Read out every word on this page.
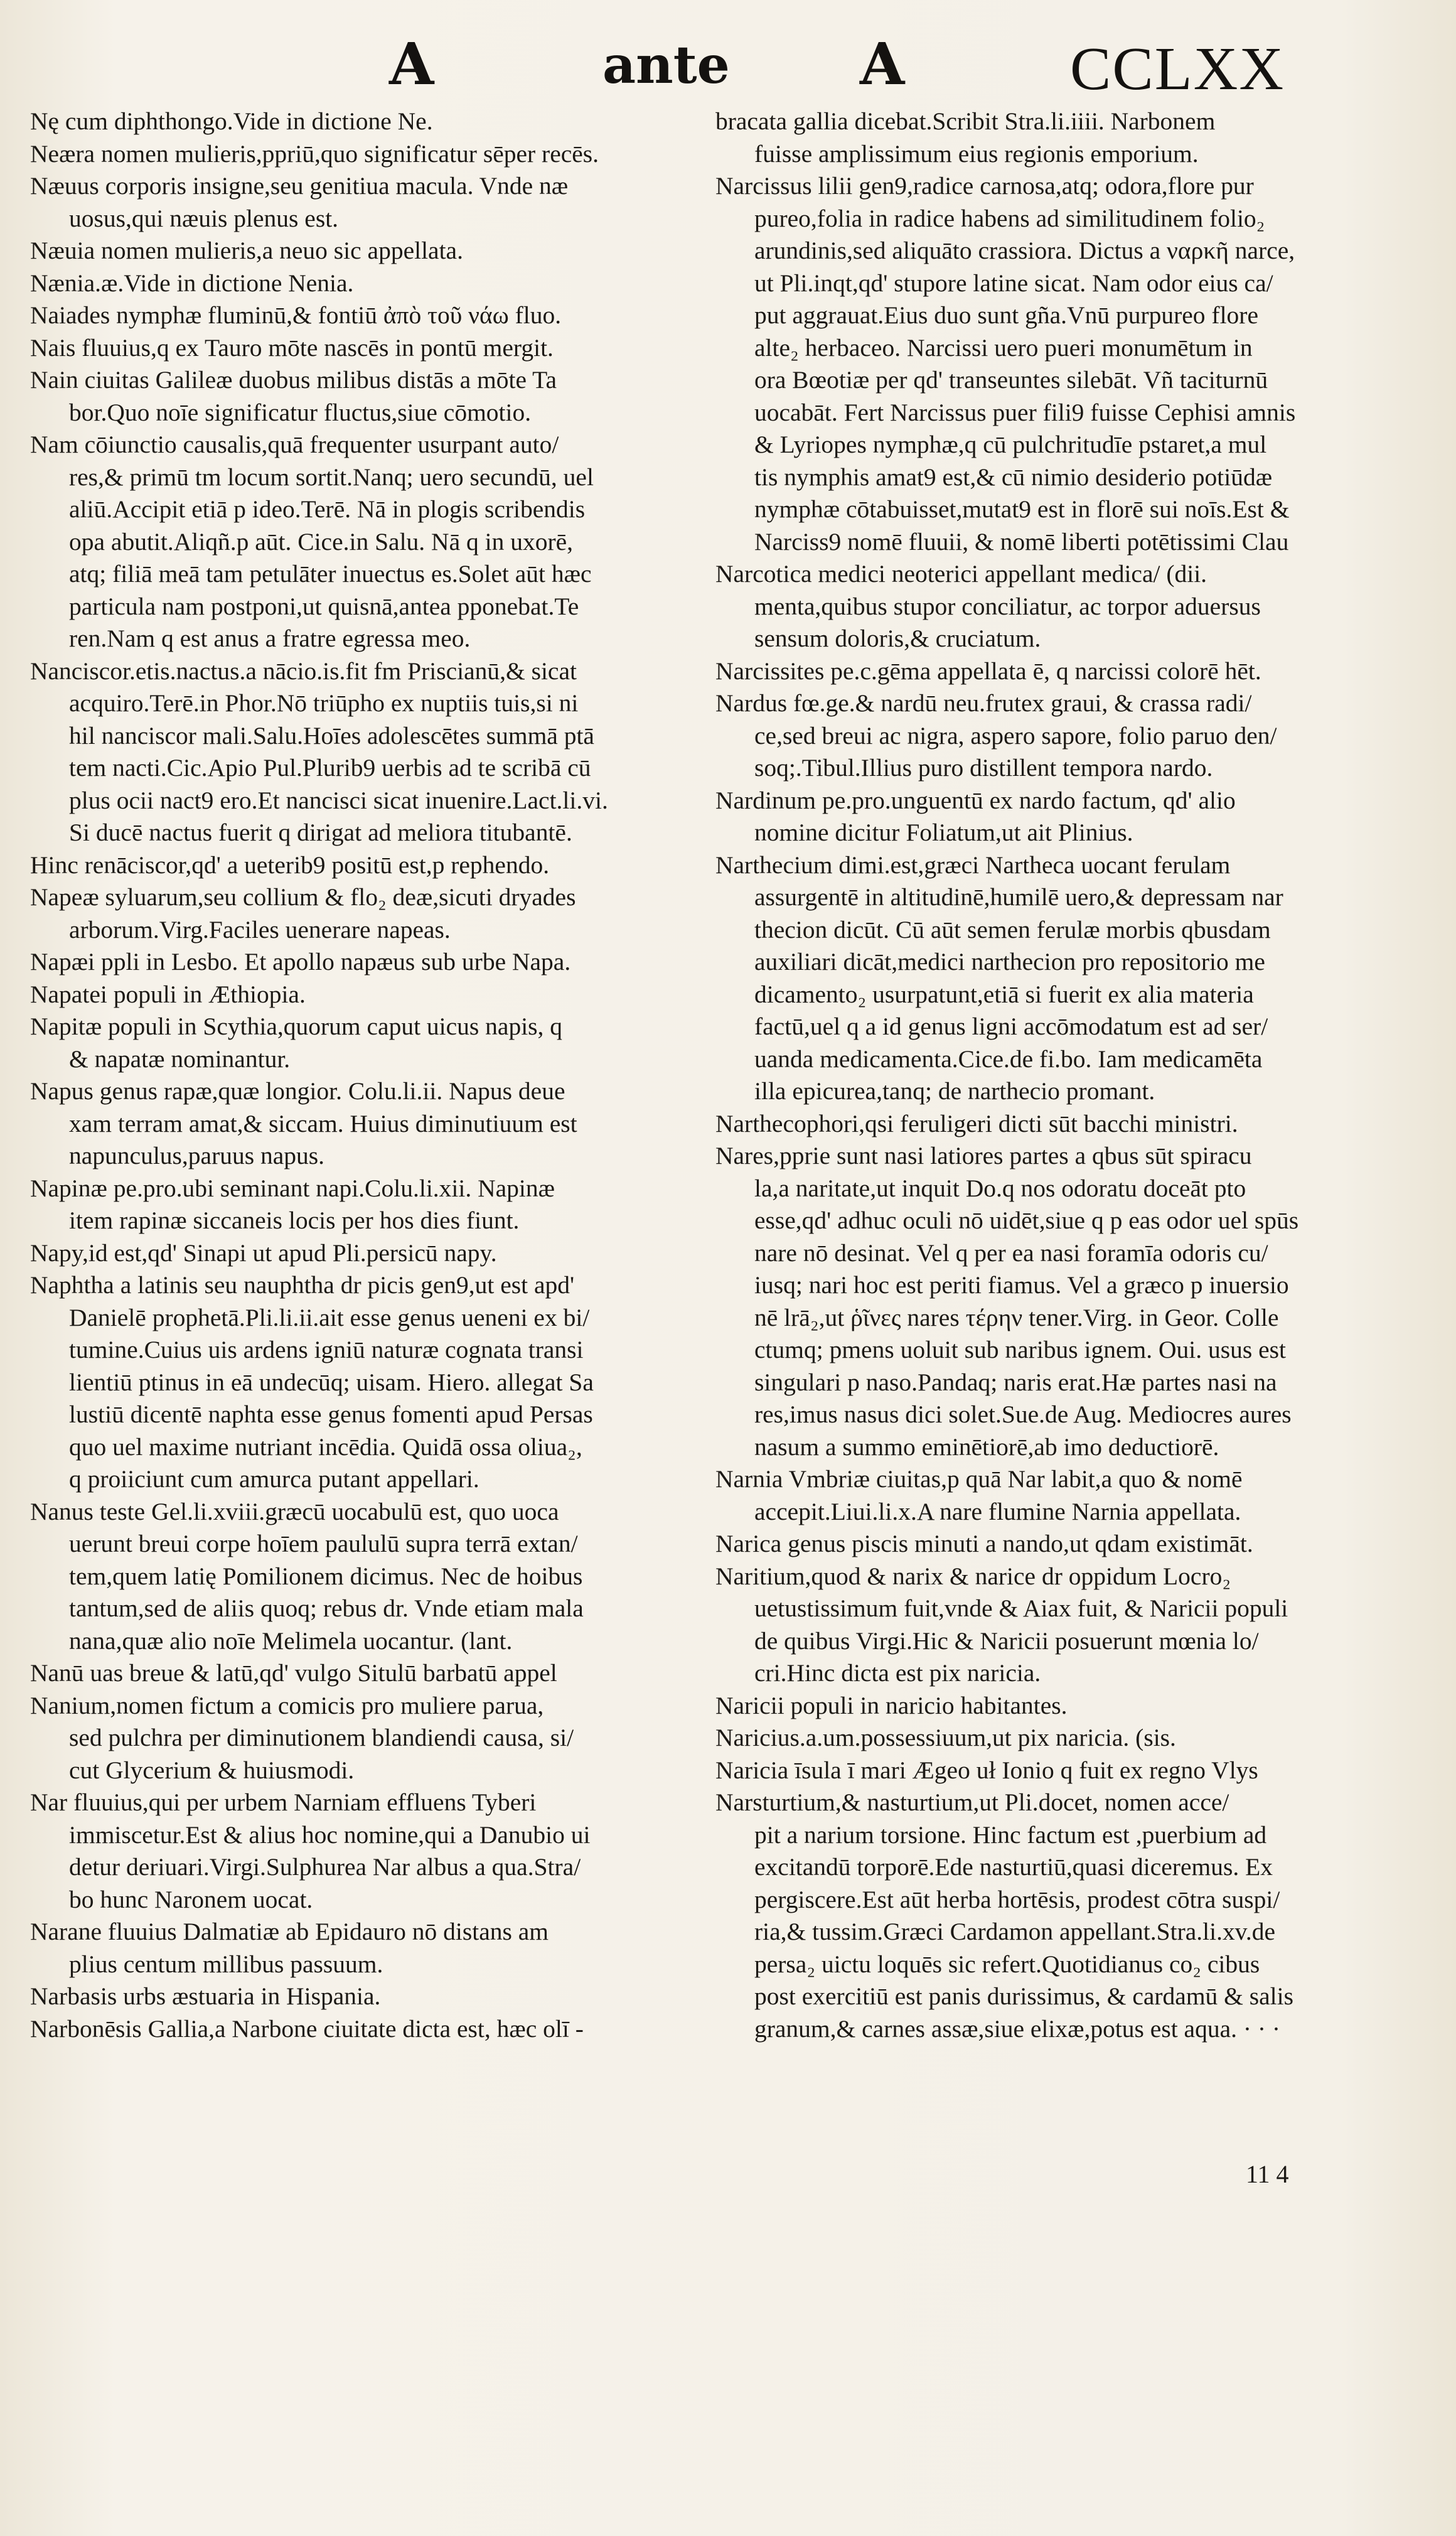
A	ante A	CCLXX

Nę cum diphthongo.Vide in dictione Ne.

Neæra nomen mulieris,ppriū,quo significatur sēper recēs.

Næuus corporis insigne,seu genitiua macula. Vnde næ
uosus,qui næuis plenus est.

Næuia nomen mulieris,a neuo sic appellata.

Nænia.æ.Vide in dictione Nenia.

Naiades nymphæ fluminū,& fontiū ἀπὸ τοῦ νάω fluo.

Nais fluuius,q ex Tauro mōte nascēs in pontū mergit.

Nain ciuitas Galileæ duobus milibus distās a mōte Ta
bor.Quo noīe significatur fluctus,siue cōmotio.

Nam cōiunctio causalis,quā frequenter usurpant auto/
res,& primū tm locum sortit.Nanq; uero secundū, uel
aliū.Accipit etiā p ideo.Terē. Nā in plogis scribendis
opa abutit.Aliqñ.p aūt. Cice.in Salu. Nā q in uxorē,
atq; filiā meā tam petulāter inuectus es.Solet aūt hæc
particula nam postponi,ut quisnā,antea pponebat.Te
ren.Nam q est anus a fratre egressa meo.

Nanciscor.etis.nactus.a nācio.is.fit fm Priscianū,& sicat
acquiro.Terē.in Phor.Nō triūpho ex nuptiis tuis,si ni
hil nanciscor mali.Salu.Hoīes adolescētes summā ptā
tem nacti.Cic.Apio Pul.Plurib9 uerbis ad te scribā cū
plus ocii nact9 ero.Et nancisci sicat inuenire.Lact.li.vi.
Si ducē nactus fuerit q dirigat ad meliora titubantē.

Hinc renāciscor,qd' a ueterib9 positū est,p rephendo.

Napeæ syluarum,seu collium & flo₂ deæ,sicuti dryades
arborum.Virg.Faciles uenerare napeas.

Napæi ppli in Lesbo. Et apollo napæus sub urbe Napa.

Napatei populi in Æthiopia.

Napitæ populi in Scythia,quorum caput uicus napis, q
& napatæ nominantur.

Napus genus rapæ,quæ longior. Colu.li.ii. Napus deue
xam terram amat,& siccam. Huius diminutiuum est
napunculus,paruus napus.

Napinæ pe.pro.ubi seminant napi.Colu.li.xii. Napinæ
item rapinæ siccaneis locis per hos dies fiunt.

Napy,id est,qd' Sinapi ut apud Pli.persicū napy.

Naphtha a latinis seu nauphtha dr picis gen9,ut est apd'
Danielē prophetā.Pli.li.ii.ait esse genus ueneni ex bi/
tumine.Cuius uis ardens igniū naturæ cognata transi
lientiū ptinus in eā undecūq; uisam. Hiero. allegat Sa
lustiū dicentē naphta esse genus fomenti apud Persas
quo uel maxime nutriant incēdia. Quidā ossa oliua₂,
q proiiciunt cum amurca putant appellari.

Nanus teste Gel.li.xviii.græcū uocabulū est, quo uoca
uerunt breui corpe hoīem paululū supra terrā extan/
tem,quem latię Pomilionem dicimus. Nec de hoibus
tantum,sed de aliis quoq; rebus dr. Vnde etiam mala
nana,quæ alio noīe Melimela uocantur. (lant.

Nanū uas breue & latū,qd' vulgo Situlū barbatū appel

Nanium,nomen fictum a comicis pro muliere parua,
sed pulchra per diminutionem blandiendi causa, si/
cut Glycerium & huiusmodi.

Nar fluuius,qui per urbem Narniam effluens Tyberi
immiscetur.Est & alius hoc nomine,qui a Danubio ui
detur deriuari.Virgi.Sulphurea Nar albus a qua.Stra/
bo hunc Naronem uocat.

Narane fluuius Dalmatiæ ab Epidauro nō distans am
plius centum millibus passuum.

Narbasis urbs æstuaria in Hispania.

Narbonēsis Gallia,a Narbone ciuitate dicta est, hæc olī -

bracata gallia dicebat.Scribit Stra.li.iiii. Narbonem
fuisse amplissimum eius regionis emporium.

Narcissus lilii gen9,radice carnosa,atq; odora,flore pur
pureo,folia in radice habens ad similitudinem folio₂
arundinis,sed aliquāto crassiora. Dictus a ναρκῆ narce,
ut Pli.inqt,qd' stupore latine sicat. Nam odor eius ca/
put aggrauat.Eius duo sunt gña.Vnū purpureo flore
alte₂ herbaceo. Narcissi uero pueri monumētum in
ora Bœotiæ per qd' transeuntes silebāt. Vñ taciturnū
uocabāt. Fert Narcissus puer fili9 fuisse Cephisi amnis
& Lyriopes nymphæ,q cū pulchritudīe pstaret,a mul
tis nymphis amat9 est,& cū nimio desiderio potiūdæ
nymphæ cōtabuisset,mutat9 est in florē sui noīs.Est &
Narciss9 nomē fluuii, & nomē liberti potētissimi Clau

Narcotica medici neoterici appellant medica/ (dii.
menta,quibus stupor conciliatur, ac torpor aduersus
sensum doloris,& cruciatum.

Narcissites pe.c.gēma appellata ē, q narcissi colorē hēt.

Nardus fœ.ge.& nardū neu.frutex graui, & crassa radi/
ce,sed breui ac nigra, aspero sapore, folio paruo den/
soq;.Tibul.Illius puro distillent tempora nardo.

Nardinum pe.pro.unguentū ex nardo factum, qd' alio
nomine dicitur Foliatum,ut ait Plinius.

Narthecium dimi.est,græci Nartheca uocant ferulam
assurgentē in altitudinē,humilē uero,& depressam nar
thecion dicūt. Cū aūt semen ferulæ morbis qbusdam
auxiliari dicāt,medici narthecion pro repositorio me
dicamento₂ usurpatunt,etiā si fuerit ex alia materia
factū,uel q a id genus ligni accōmodatum est ad ser/
uanda medicamenta.Cice.de fi.bo. Iam medicamēta
illa epicurea,tanq; de narthecio promant.

Narthecophori,qsi feruligeri dicti sūt bacchi ministri.

Nares,pprie sunt nasi latiores partes a qbus sūt spiracu
la,a naritate,ut inquit Do.q nos odoratu doceāt pto
esse,qd' adhuc oculi nō uidēt,siue q p eas odor uel spūs
nare nō desinat. Vel q per ea nasi foramīa odoris cu/
iusq; nari hoc est periti fiamus. Vel a græco p inuersio
nē lrā₂,ut ῥῖνες nares τέρην tener.Virg. in Geor. Colle
ctumq; pmens uoluit sub naribus ignem. Oui. usus est
singulari p naso.Pandaq; naris erat.Hæ partes nasi na
res,imus nasus dici solet.Sue.de Aug. Mediocres aures
nasum a summo eminētiorē,ab imo deductiorē.

Narnia Vmbriæ ciuitas,p quā Nar labit,a quo & nomē
accepit.Liui.li.x.A nare flumine Narnia appellata.

Narica genus piscis minuti a nando,ut qdam existimāt.

Naritium,quod & narix & narice dr oppidum Locro₂
uetustissimum fuit,vnde & Aiax fuit, & Naricii populi
de quibus Virgi.Hic & Naricii posuerunt mœnia lo/
cri.Hinc dicta est pix naricia.

Naricii populi in naricio habitantes.

Naricius.a.um.possessiuum,ut pix naricia. (sis.

Naricia īsula ī mari Ægeo uł Ionio q fuit ex regno Vlys

Narsturtium,& nasturtium,ut Pli.docet, nomen acce/
pit a narium torsione. Hinc factum est ,puerbium ad
excitandū torporē.Ede nasturtiū,quasi diceremus. Ex
pergiscere.Est aūt herba hortēsis, prodest cōtra suspi/
ria,& tussim.Græci Cardamon appellant.Stra.li.xv.de
persa₂ uictu loquēs sic refert.Quotidianus co₂ cibus
post exercitiū est panis durissimus, & cardamū & salis
granum,& carnes assæ,siue elixæ,potus est aqua. · · ·

11 4
